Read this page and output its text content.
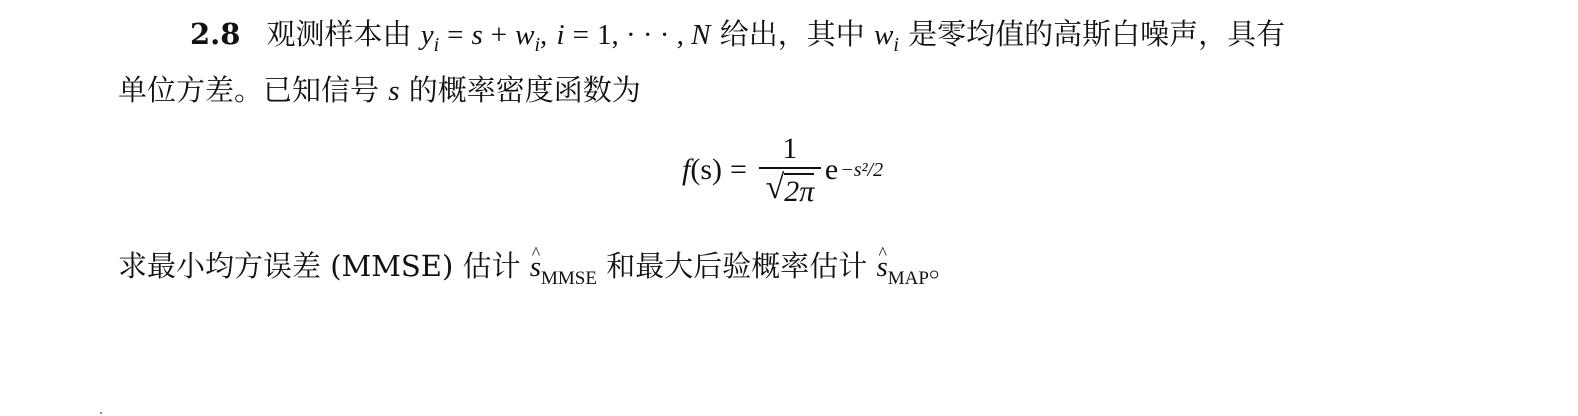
2.8 观测样本由 $y_i = s + w_i$, i = 1, · · · , N 给出，其中 $w_i$ 是零均值的高斯白噪声，具有
单位方差。已知信号 s 的概率密度函数为
f $(s) = \frac{1}{√ 2\pi}$ e −s²/2
求最小均方误差 (MMSE) 估计 ^ $s_{MMSE}$ 和最大后验概率估计 ^ $s_{MAP}$。
